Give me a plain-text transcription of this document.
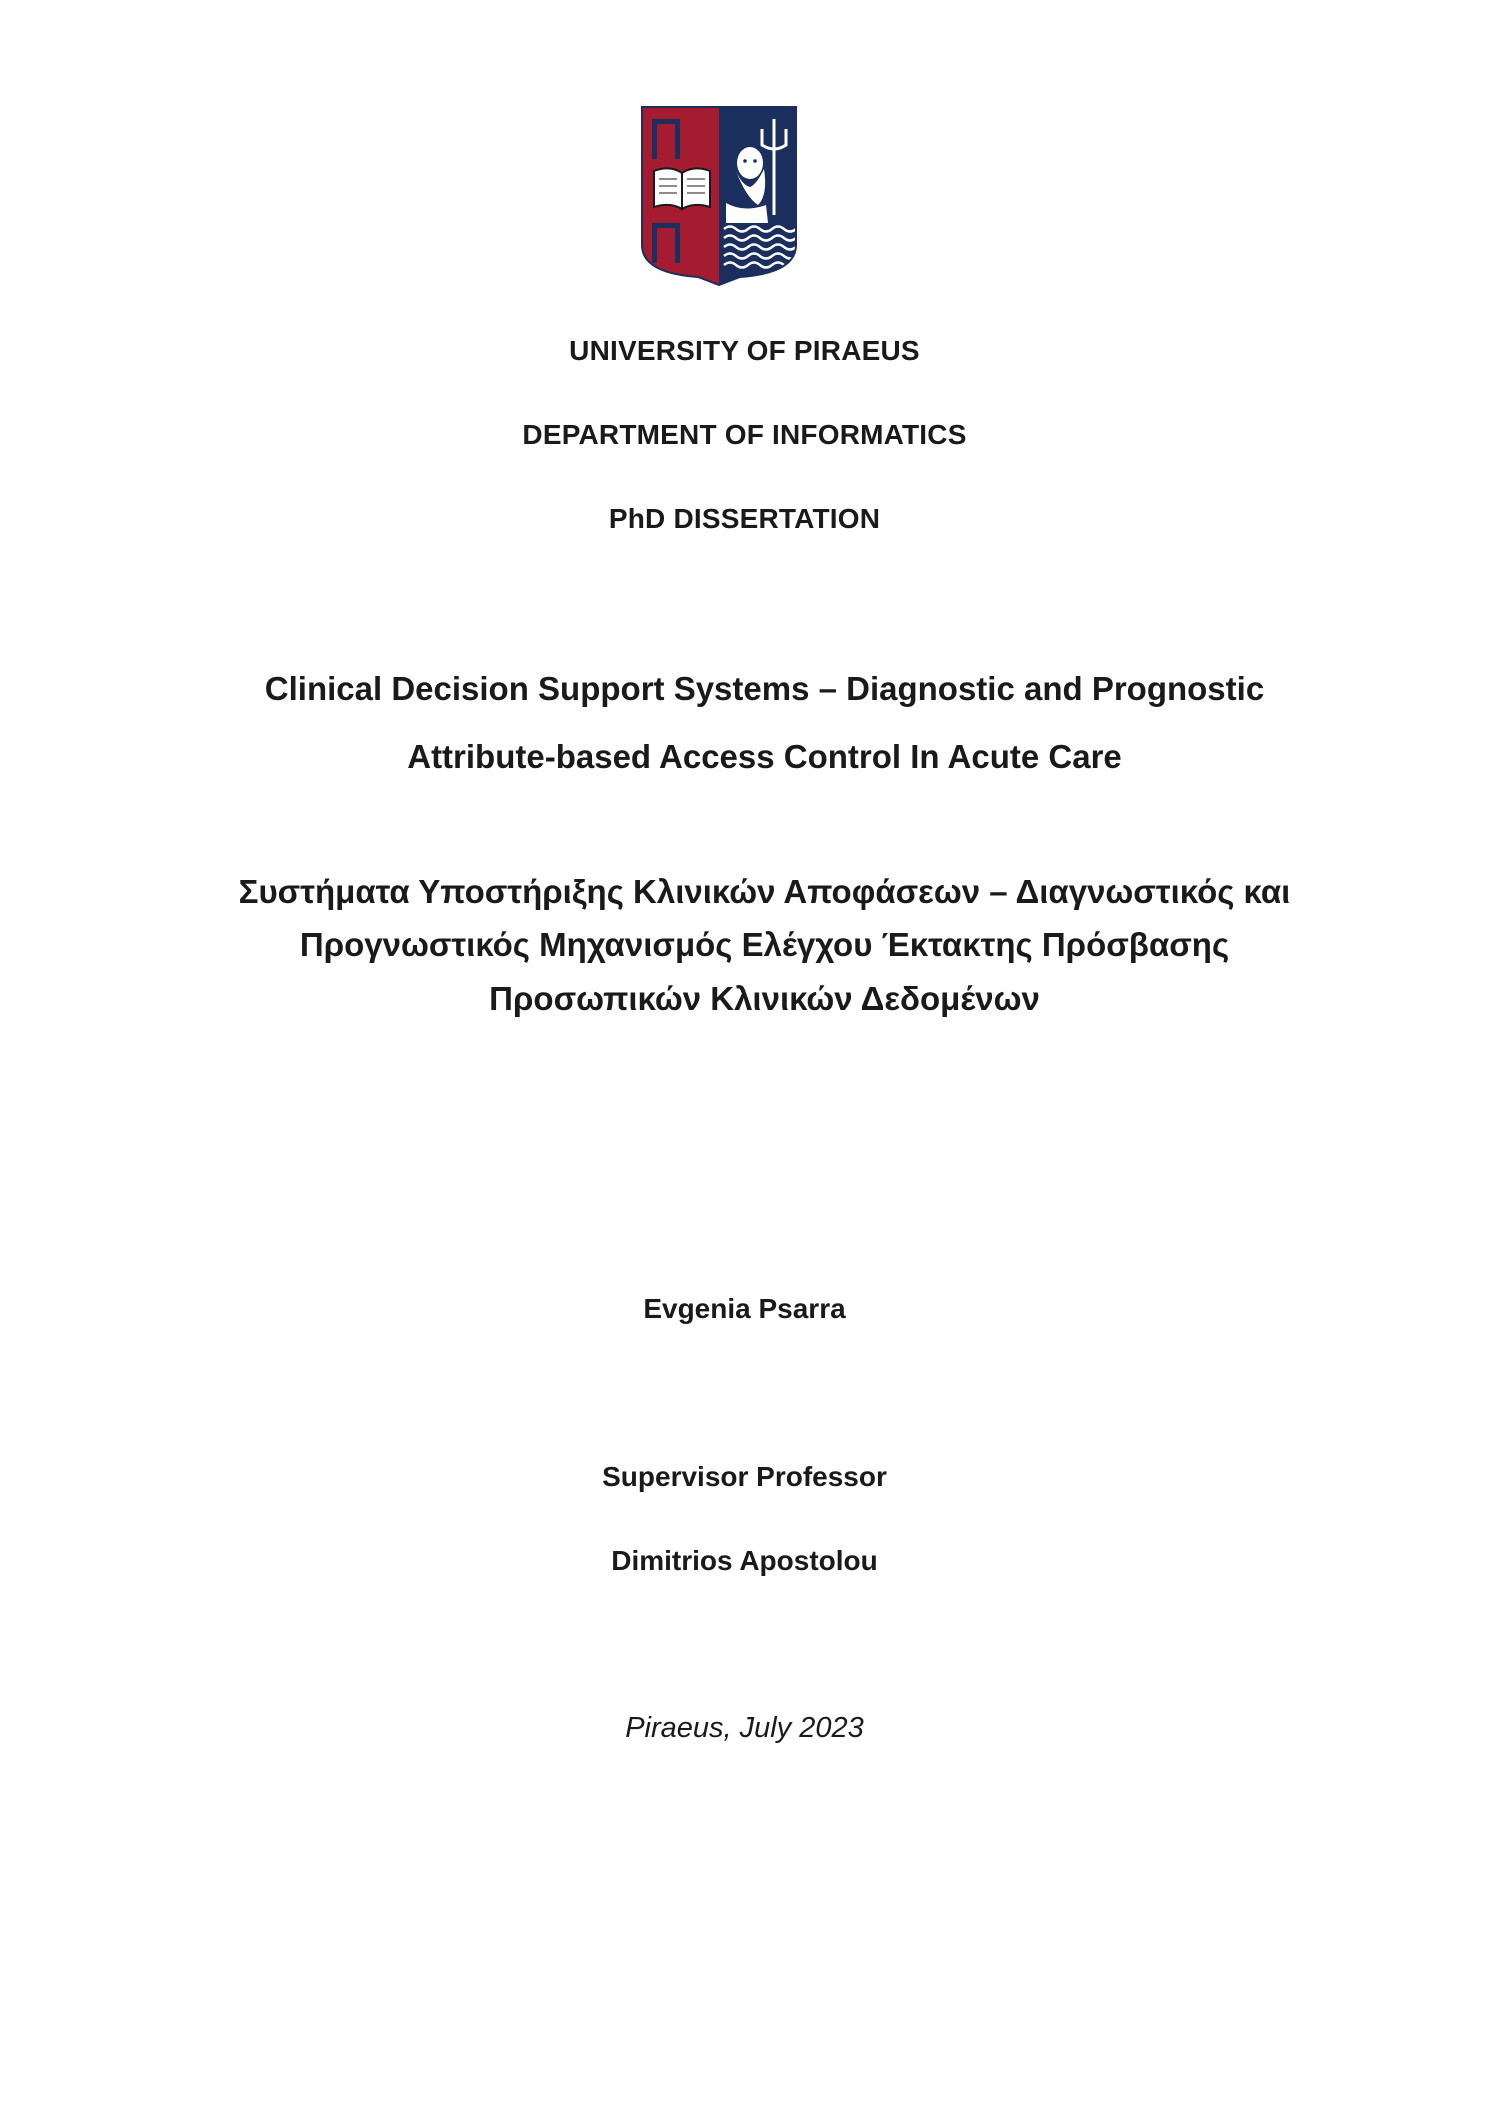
UNIVERSITY OF PIRAEUS
DEPARTMENT OF INFORMATICS
PhD DISSERTATION
Clinical Decision Support Systems – Diagnostic and Prognostic
Attribute-based Access Control In Acute Care
Συστήματα Υποστήριξης Κλινικών Αποφάσεων – Διαγνωστικός και
Προγνωστικός Μηχανισμός Ελέγχου Έκτακτης Πρόσβασης
Προσωπικών Κλινικών Δεδομένων
Evgenia Psarra
Supervisor Professor
Dimitrios Apostolou
Piraeus, July 2023
